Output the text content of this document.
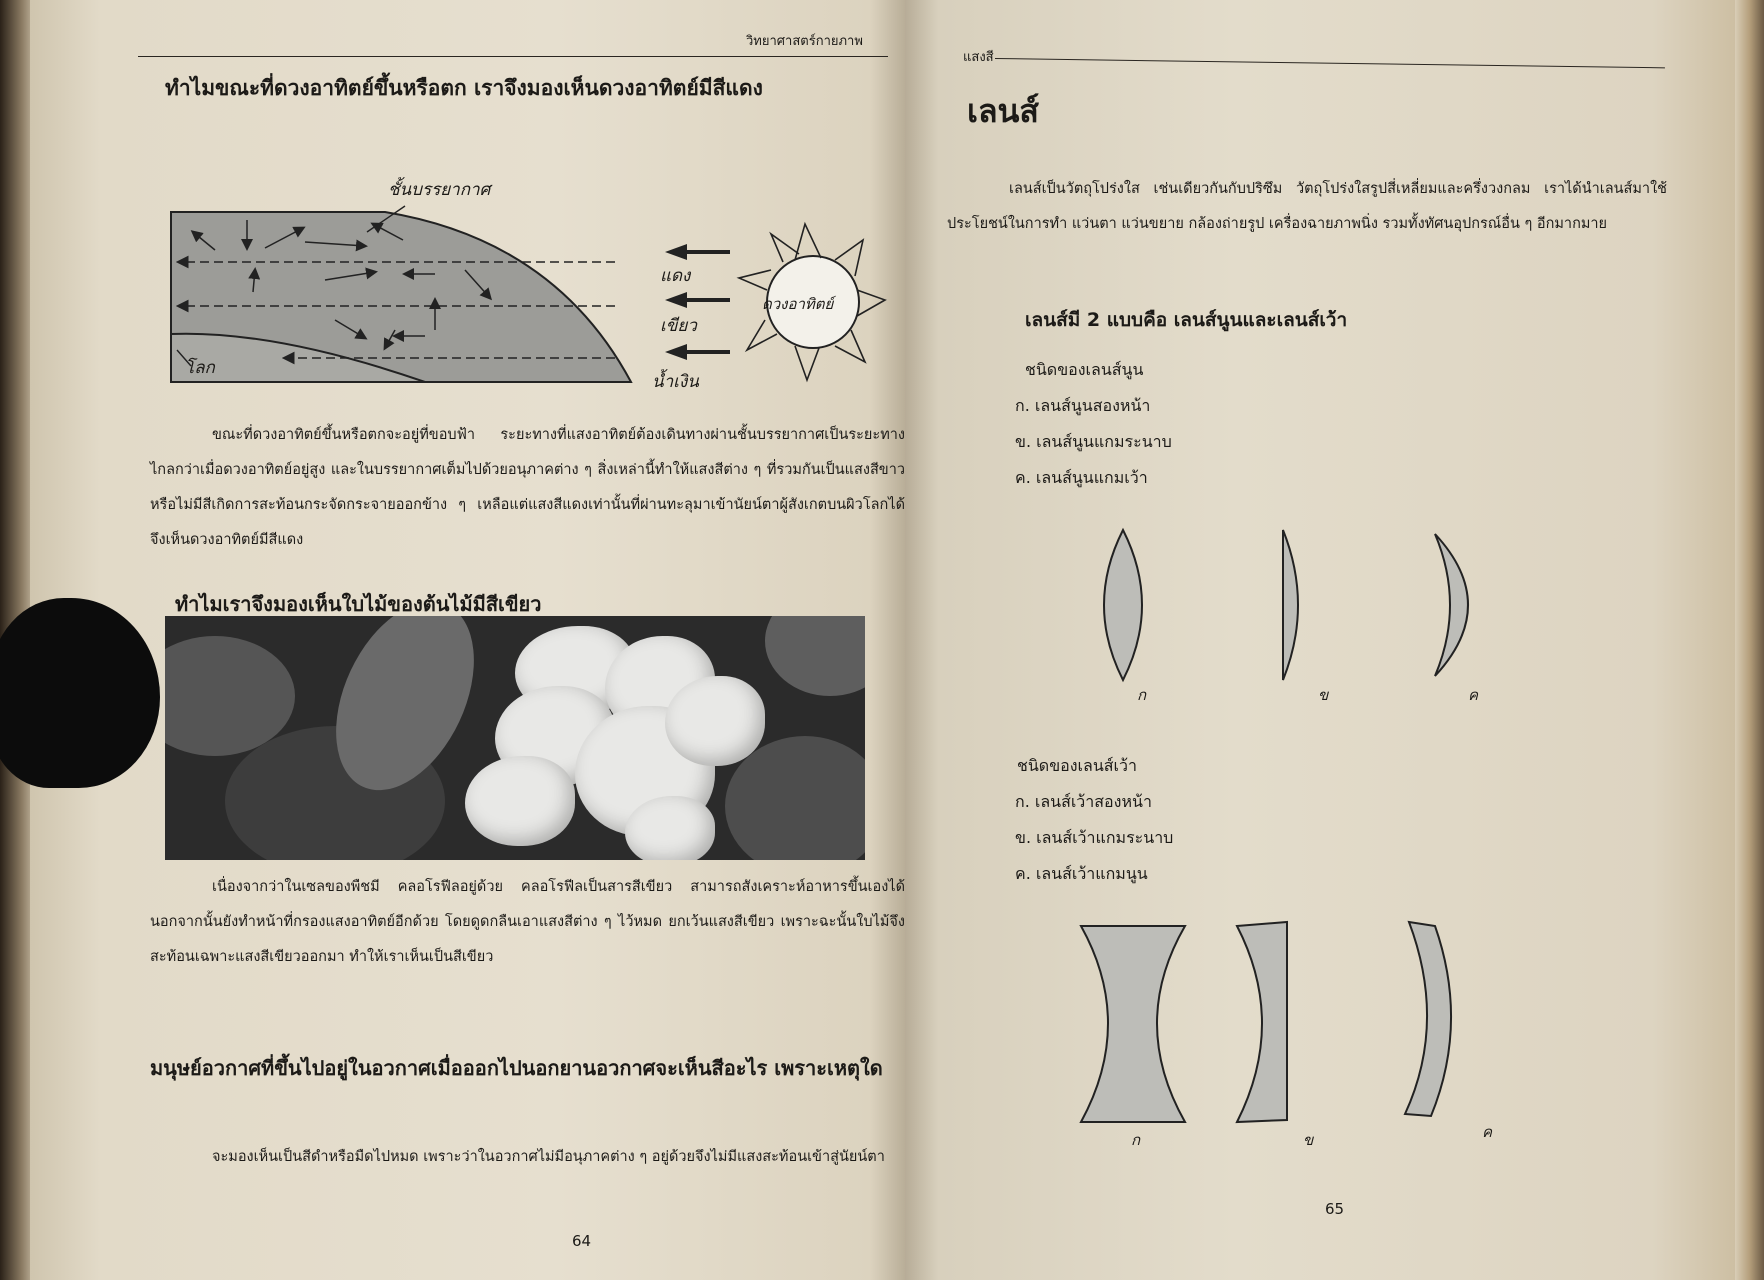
วิทยาศาสตร์กายภาพ
ทำไมขณะที่ดวงอาทิตย์ขึ้นหรือตก เราจึงมองเห็นดวงอาทิตย์มีสีแดง
ชั้นบรรยากาศ
โลก
แดง
เขียว
น้ำเงิน
ดวงอาทิตย์
ขณะที่ดวงอาทิตย์ขึ้นหรือตกจะอยู่ที่ขอบฟ้า ระยะทางที่แสงอาทิตย์ต้องเดินทางผ่านชั้นบรรยากาศเป็นระยะทางไกลกว่าเมื่อดวงอาทิตย์อยู่สูง และในบรรยากาศเต็มไปด้วยอนุภาคต่าง ๆ สิ่งเหล่านี้ทำให้แสงสีต่าง ๆ ที่รวมกันเป็นแสงสีขาวหรือไม่มีสีเกิดการสะท้อนกระจัดกระจายออกข้าง ๆ เหลือแต่แสงสีแดงเท่านั้นที่ผ่านทะลุมาเข้านัยน์ตาผู้สังเกตบนผิวโลกได้ จึงเห็นดวงอาทิตย์มีสีแดง
ทำไมเราจึงมองเห็นใบไม้ของต้นไม้มีสีเขียว
เนื่องจากว่าในเซลของพืชมี คลอโรฟีลอยู่ด้วย คลอโรฟีลเป็นสารสีเขียว สามารถสังเคราะห์อาหารขึ้นเองได้ นอกจากนั้นยังทำหน้าที่กรองแสงอาทิตย์อีกด้วย โดยดูดกลืนเอาแสงสีต่าง ๆ ไว้หมด ยกเว้นแสงสีเขียว เพราะฉะนั้นใบไม้จึงสะท้อนเฉพาะแสงสีเขียวออกมา ทำให้เราเห็นเป็นสีเขียว
มนุษย์อวกาศที่ขึ้นไปอยู่ในอวกาศเมื่อออกไปนอกยานอวกาศจะเห็นสีอะไร เพราะเหตุใด
จะมองเห็นเป็นสีดำหรือมืดไปหมด เพราะว่าในอวกาศไม่มีอนุภาคต่าง ๆ อยู่ด้วยจึงไม่มีแสงสะท้อนเข้าสู่นัยน์ตา
64
แสงสี
เลนส์
เลนส์เป็นวัตถุโปร่งใส เช่นเดียวกันกับปริซึม วัตถุโปร่งใสรูปสี่เหลี่ยมและครึ่งวงกลม เราได้นำเลนส์มาใช้ประโยชน์ในการทำ แว่นตา แว่นขยาย กล้องถ่ายรูป เครื่องฉายภาพนิ่ง รวมทั้งทัศนอุปกรณ์อื่น ๆ อีกมากมาย
เลนส์มี 2 แบบคือ เลนส์นูนและเลนส์เว้า
ชนิดของเลนส์นูน
ก. เลนส์นูนสองหน้า
ข. เลนส์นูนแกมระนาบ
ค. เลนส์นูนแกมเว้า
ก	ข	ค
ชนิดของเลนส์เว้า
ก. เลนส์เว้าสองหน้า
ข. เลนส์เว้าแกมระนาบ
ค. เลนส์เว้าแกมนูน
ก	ข	ค
65
